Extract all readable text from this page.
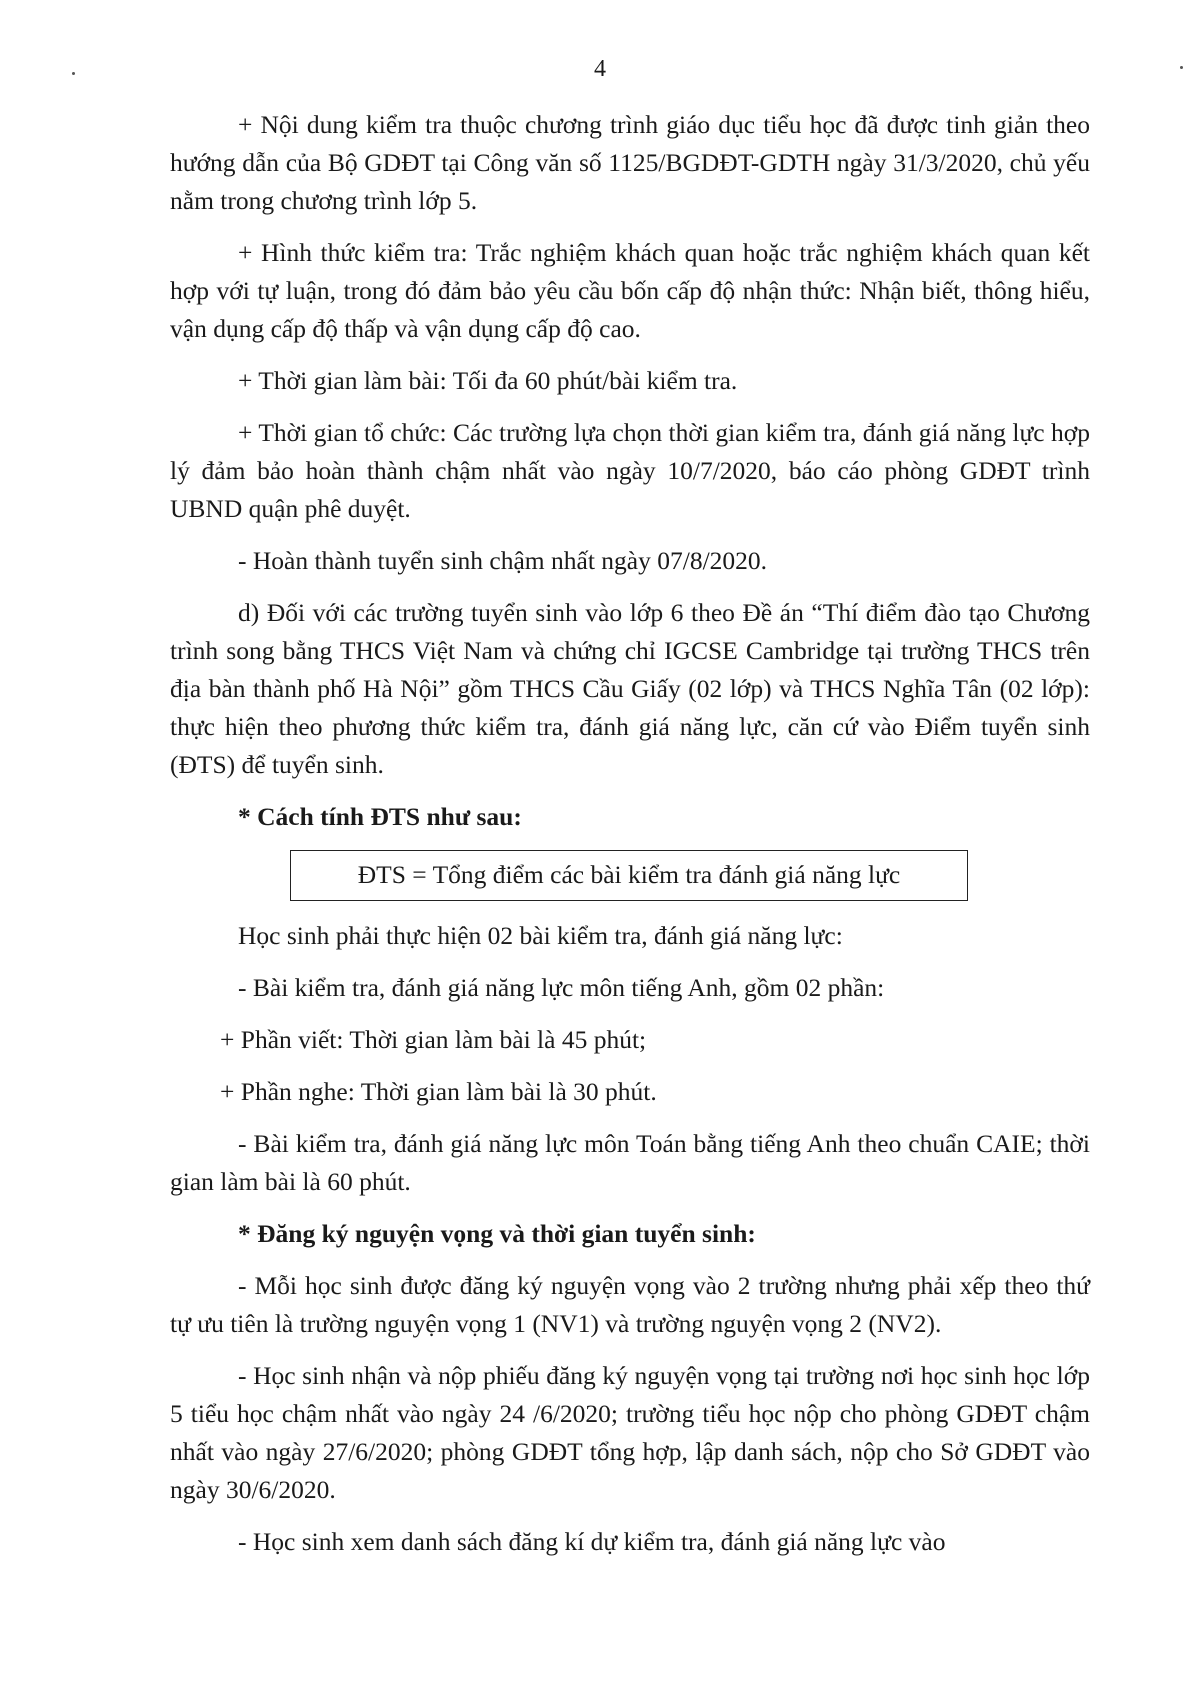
4

+ Nội dung kiểm tra thuộc chương trình giáo dục tiểu học đã được tinh giản theo hướng dẫn của Bộ GDĐT tại Công văn số 1125/BGDĐT-GDTH ngày 31/3/2020, chủ yếu nằm trong chương trình lớp 5.

+ Hình thức kiểm tra: Trắc nghiệm khách quan hoặc trắc nghiệm khách quan kết hợp với tự luận, trong đó đảm bảo yêu cầu bốn cấp độ nhận thức: Nhận biết, thông hiểu, vận dụng cấp độ thấp và vận dụng cấp độ cao.

+ Thời gian làm bài: Tối đa 60 phút/bài kiểm tra.

+ Thời gian tổ chức: Các trường lựa chọn thời gian kiểm tra, đánh giá năng lực hợp lý đảm bảo hoàn thành chậm nhất vào ngày 10/7/2020, báo cáo phòng GDĐT trình UBND quận phê duyệt.

- Hoàn thành tuyển sinh chậm nhất ngày 07/8/2020.

d) Đối với các trường tuyển sinh vào lớp 6 theo Đề án “Thí điểm đào tạo Chương trình song bằng THCS Việt Nam và chứng chỉ IGCSE Cambridge tại trường THCS trên địa bàn thành phố Hà Nội” gồm THCS Cầu Giấy (02 lớp) và THCS Nghĩa Tân (02 lớp): thực hiện theo phương thức kiểm tra, đánh giá năng lực, căn cứ vào Điểm tuyển sinh (ĐTS) để tuyển sinh.

* Cách tính ĐTS như sau:

ĐTS = Tổng điểm các bài kiểm tra đánh giá năng lực

Học sinh phải thực hiện 02 bài kiểm tra, đánh giá năng lực:

- Bài kiểm tra, đánh giá năng lực môn tiếng Anh, gồm 02 phần:

+ Phần viết: Thời gian làm bài là 45 phút;

+ Phần nghe: Thời gian làm bài là 30 phút.

- Bài kiểm tra, đánh giá năng lực môn Toán bằng tiếng Anh theo chuẩn CAIE; thời gian làm bài là 60 phút.

* Đăng ký nguyện vọng và thời gian tuyển sinh:

- Mỗi học sinh được đăng ký nguyện vọng vào 2 trường nhưng phải xếp theo thứ tự ưu tiên là trường nguyện vọng 1 (NV1) và trường nguyện vọng 2 (NV2).

- Học sinh nhận và nộp phiếu đăng ký nguyện vọng tại trường nơi học sinh học lớp 5 tiểu học chậm nhất vào ngày 24 /6/2020; trường tiểu học nộp cho phòng GDĐT chậm nhất vào ngày 27/6/2020; phòng GDĐT tổng hợp, lập danh sách, nộp cho Sở GDĐT vào ngày 30/6/2020.

- Học sinh xem danh sách đăng kí dự kiểm tra, đánh giá năng lực vào
